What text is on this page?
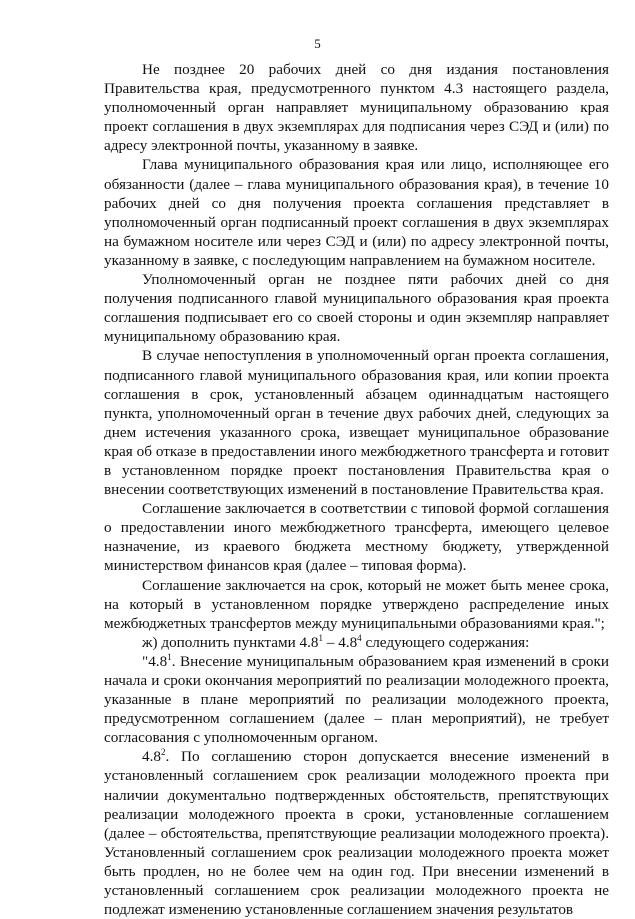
5

Не позднее 20 рабочих дней со дня издания постановления Правительства края, предусмотренного пунктом 4.3 настоящего раздела, уполномоченный орган направляет муниципальному образованию края проект соглашения в двух экземплярах для подписания через СЭД и (или) по адресу электронной почты, указанному в заявке.

Глава муниципального образования края или лицо, исполняющее его обязанности (далее – глава муниципального образования края), в течение 10 рабочих дней со дня получения проекта соглашения представляет в уполномоченный орган подписанный проект соглашения в двух экземплярах на бумажном носителе или через СЭД и (или) по адресу электронной почты, указанному в заявке, с последующим направлением на бумажном носителе.

Уполномоченный орган не позднее пяти рабочих дней со дня получения подписанного главой муниципального образования края проекта соглашения подписывает его со своей стороны и один экземпляр направляет муниципальному образованию края.

В случае непоступления в уполномоченный орган проекта соглашения, подписанного главой муниципального образования края, или копии проекта соглашения в срок, установленный абзацем одиннадцатым настоящего пункта, уполномоченный орган в течение двух рабочих дней, следующих за днем истечения указанного срока, извещает муниципальное образование края об отказе в предоставлении иного межбюджетного трансферта и готовит в установленном порядке проект постановления Правительства края о внесении соответствующих изменений в постановление Правительства края.

Соглашение заключается в соответствии с типовой формой соглашения о предоставлении иного межбюджетного трансферта, имеющего целевое назначение, из краевого бюджета местному бюджету, утвержденной министерством финансов края (далее – типовая форма).

Соглашение заключается на срок, который не может быть менее срока, на который в установленном порядке утверждено распределение иных межбюджетных трансфертов между муниципальными образованиями края.";

ж) дополнить пунктами $4.8^1 - 4.8^4$ следующего содержания:

"$4.8^1$. Внесение муниципальным образованием края изменений в сроки начала и сроки окончания мероприятий по реализации молодежного проекта, указанные в плане мероприятий по реализации молодежного проекта, предусмотренном соглашением (далее – план мероприятий), не требует согласования с уполномоченным органом.

$4.8^2$. По соглашению сторон допускается внесение изменений в установленный соглашением срок реализации молодежного проекта при наличии документально подтвержденных обстоятельств, препятствующих реализации молодежного проекта в сроки, установленные соглашением (далее – обстоятельства, препятствующие реализации молодежного проекта). Установленный соглашением срок реализации молодежного проекта может быть продлен, но не более чем на один год. При внесении изменений в установленный соглашением срок реализации молодежного проекта не подлежат изменению установленные соглашением значения результатов
